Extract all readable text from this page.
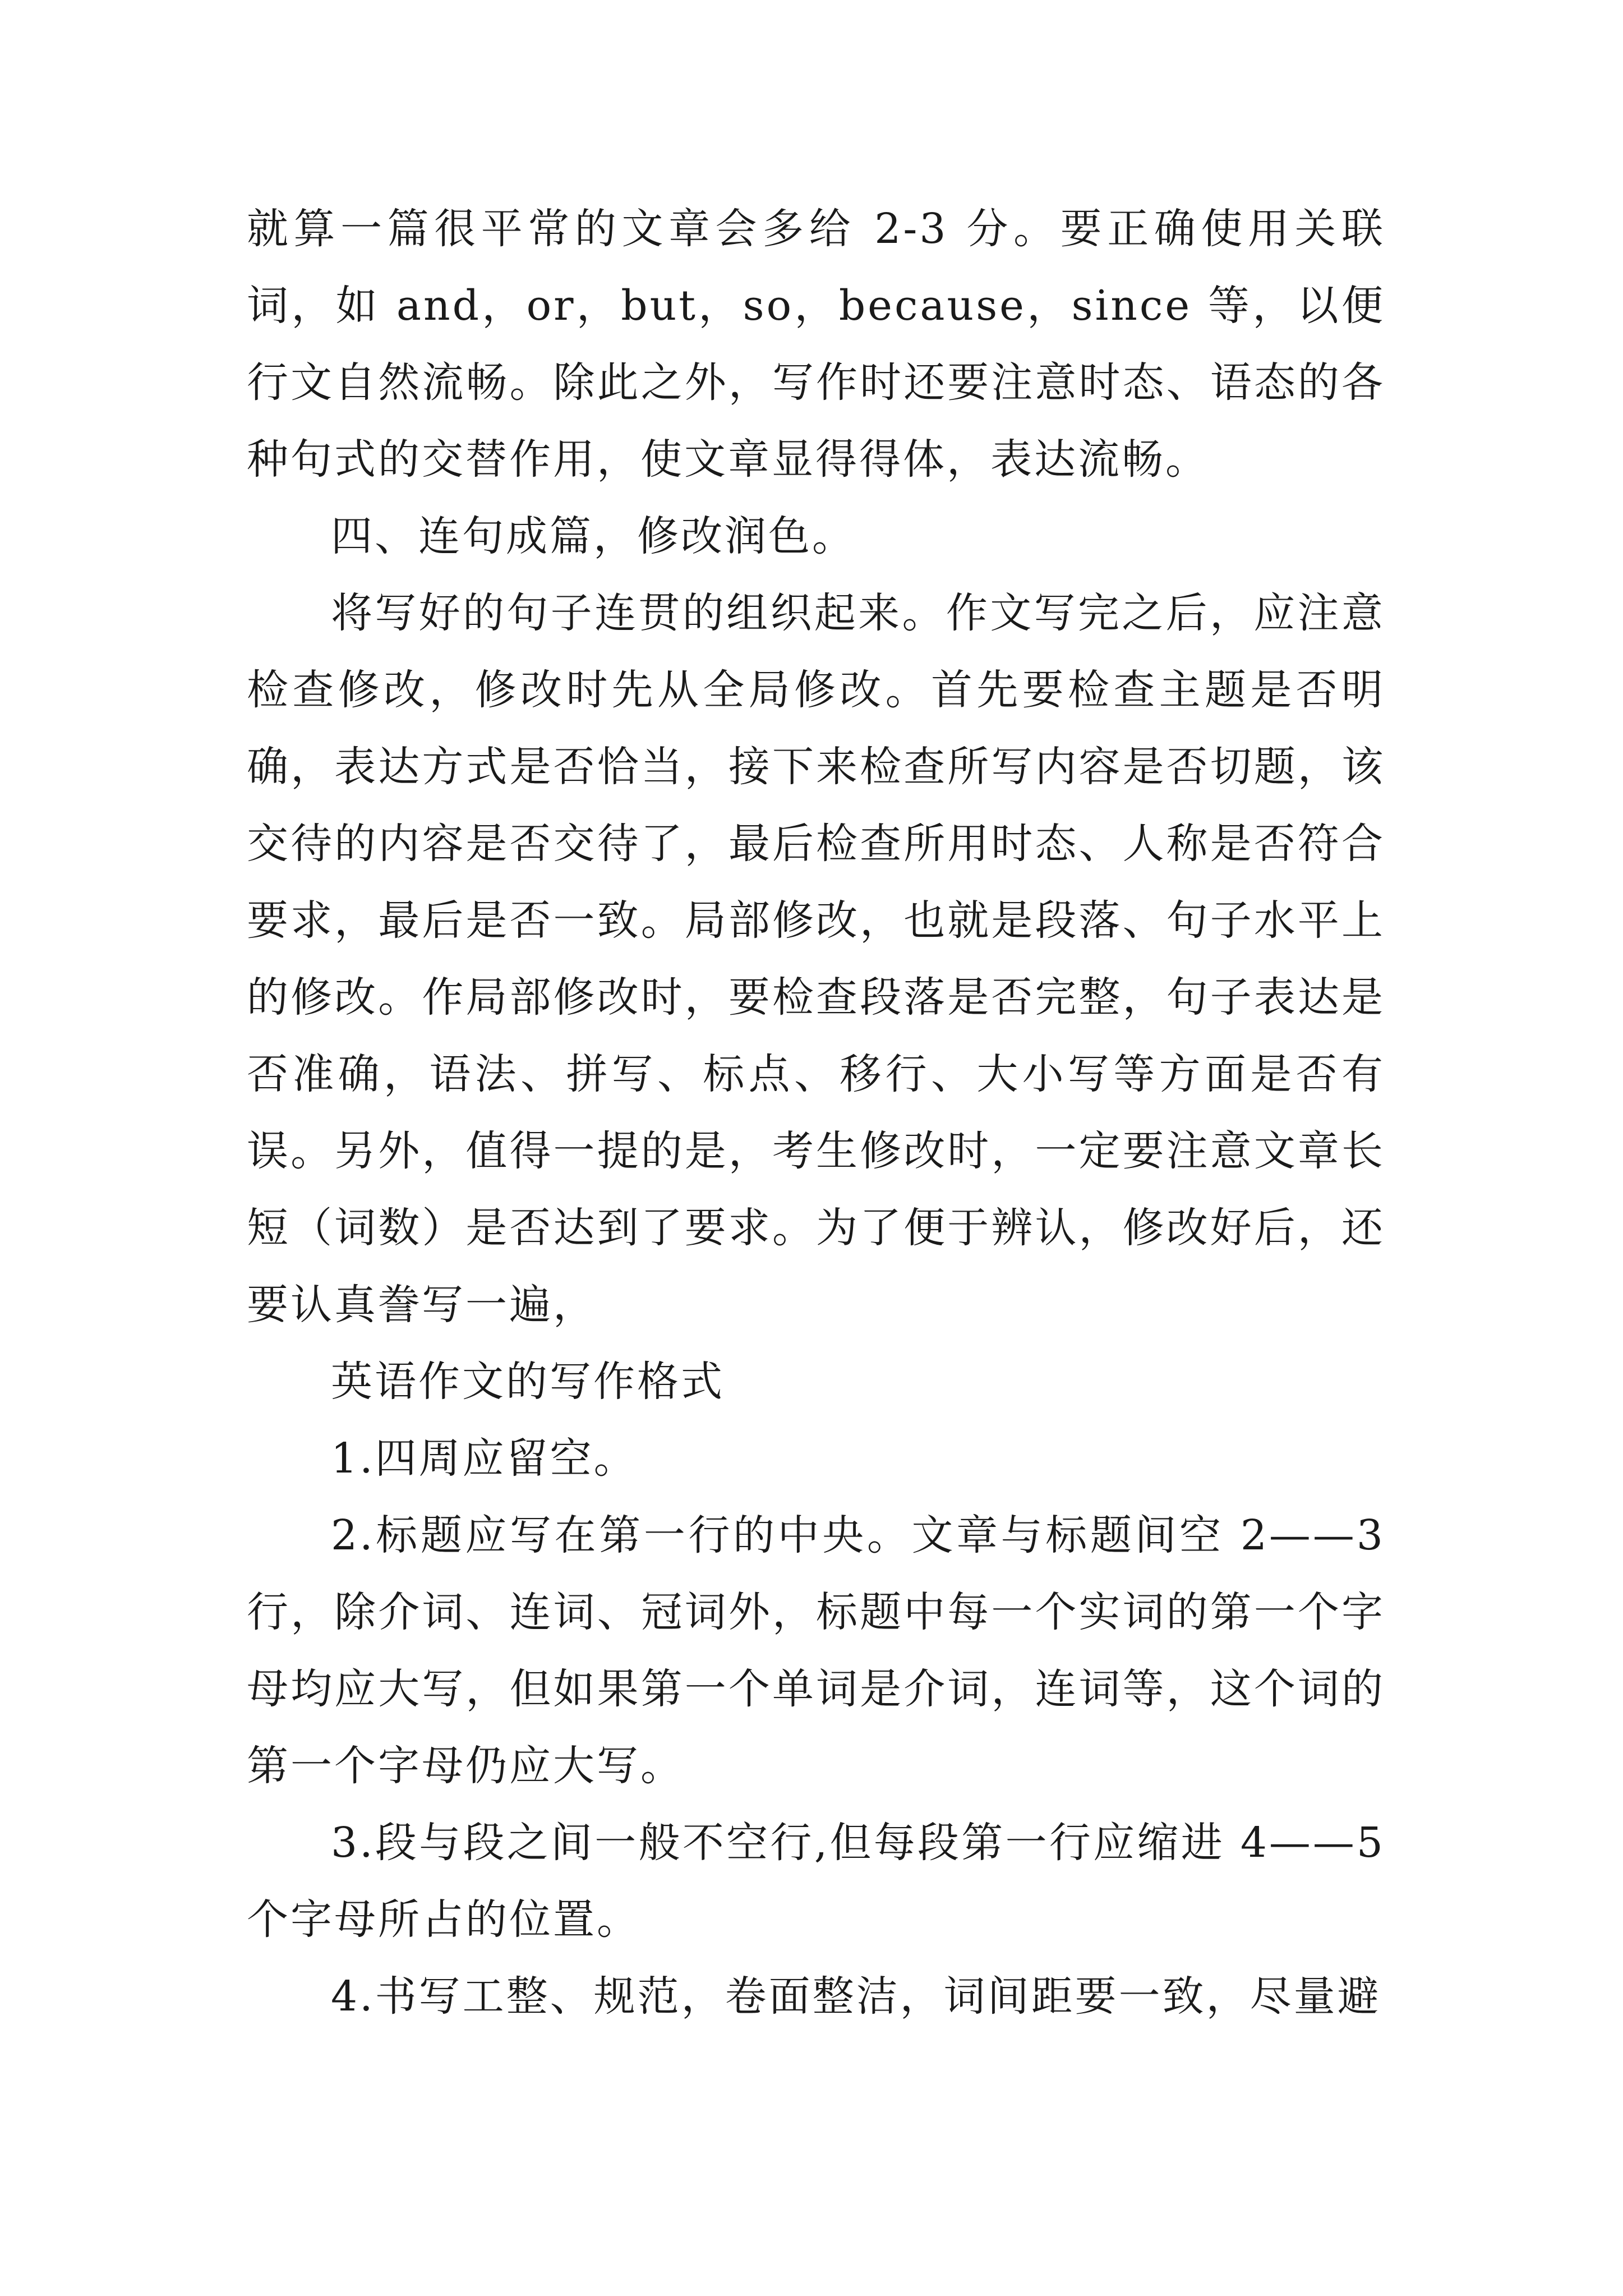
就算一篇很平常的文章会多给 2-3 分。要正确使用关联词，如 and，or，but，so，because，since 等，以便行文自然流畅。除此之外，写作时还要注意时态、语态的各种句式的交替作用，使文章显得得体，表达流畅。

四、连句成篇，修改润色。

将写好的句子连贯的组织起来。作文写完之后，应注意检查修改，修改时先从全局修改。首先要检查主题是否明确，表达方式是否恰当，接下来检查所写内容是否切题，该交待的内容是否交待了，最后检查所用时态、人称是否符合要求，最后是否一致。局部修改，也就是段落、句子水平上的修改。作局部修改时，要检查段落是否完整，句子表达是否准确，语法、拼写、标点、移行、大小写等方面是否有误。另外，值得一提的是，考生修改时，一定要注意文章长短（词数）是否达到了要求。为了便于辨认，修改好后，还要认真誊写一遍，

英语作文的写作格式

1.四周应留空。

2.标题应写在第一行的中央。文章与标题间空 2——3 行，除介词、连词、冠词外，标题中每一个实词的第一个字母均应大写，但如果第一个单词是介词，连词等，这个词的第一个字母仍应大写。

3.段与段之间一般不空行,但每段第一行应缩进 4——5 个字母所占的位置。

4.书写工整、规范，卷面整洁，词间距要一致，尽量避
